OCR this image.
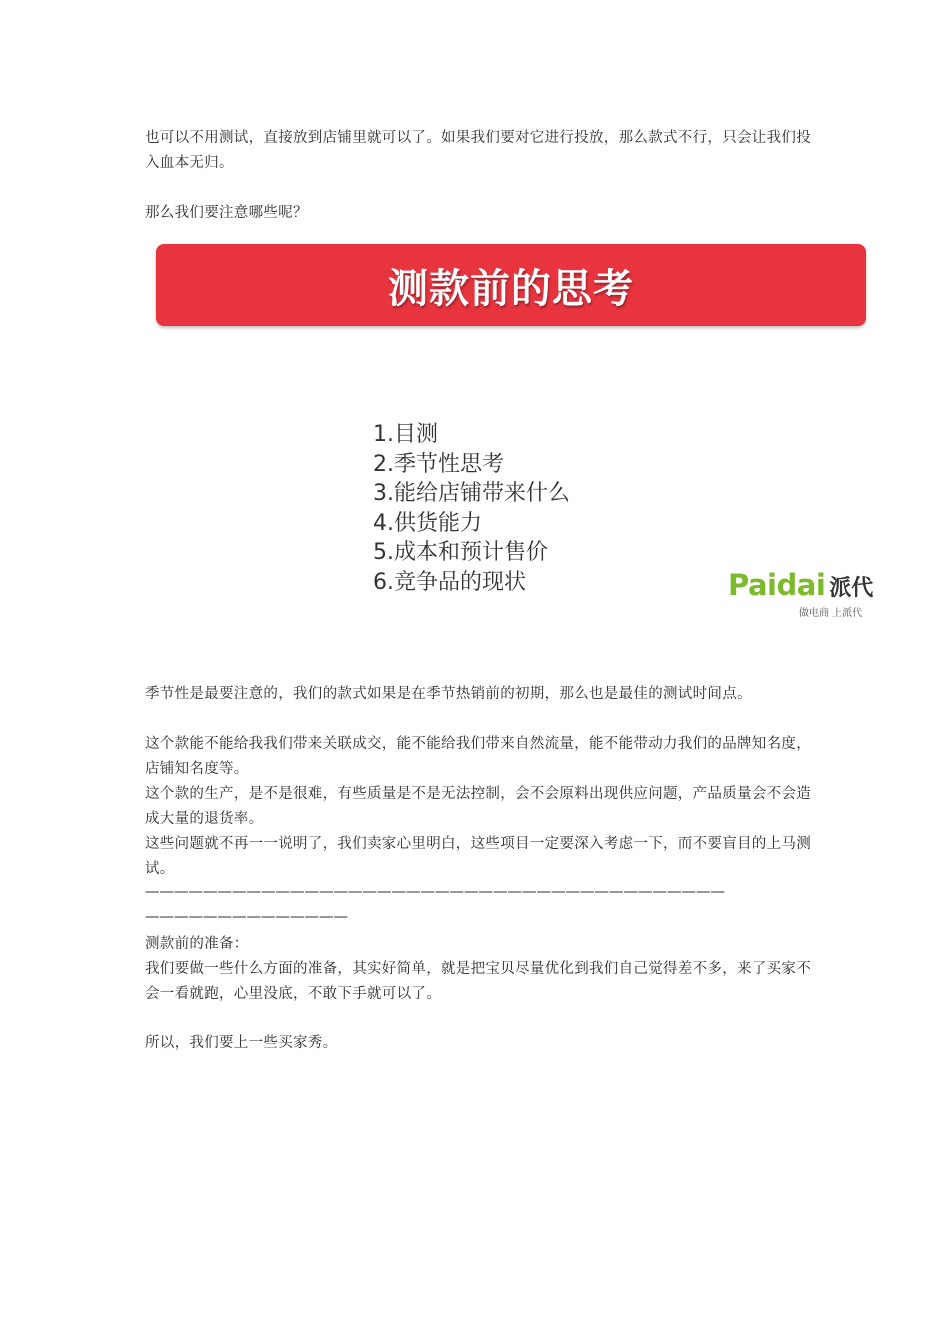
也可以不用测试，直接放到店铺里就可以了。如果我们要对它进行投放，那么款式不行，只会让我们投入血本无归。

那么我们要注意哪些呢？

测款前的思考
1.目测
2.季节性思考
3.能给店铺带来什么
4.供货能力
5.成本和预计售价
6.竞争品的现状	Paidai 派代
做电商 上派代

季节性是最要注意的，我们的款式如果是在季节热销前的初期，那么也是最佳的测试时间点。

这个款能不能给我我们带来关联成交，能不能给我们带来自然流量，能不能带动力我们的品牌知名度，店铺知名度等。

这个款的生产，是不是很难，有些质量是不是无法控制，会不会原料出现供应问题，产品质量会不会造成大量的退货率。

这些问题就不再一一说明了，我们卖家心里明白，这些项目一定要深入考虑一下，而不要盲目的上马测试。

————————————————————————————————————————

——————————————

测款前的准备：

我们要做一些什么方面的准备，其实好简单，就是把宝贝尽量优化到我们自己觉得差不多，来了买家不会一看就跑，心里没底，不敢下手就可以了。

所以，我们要上一些买家秀。
